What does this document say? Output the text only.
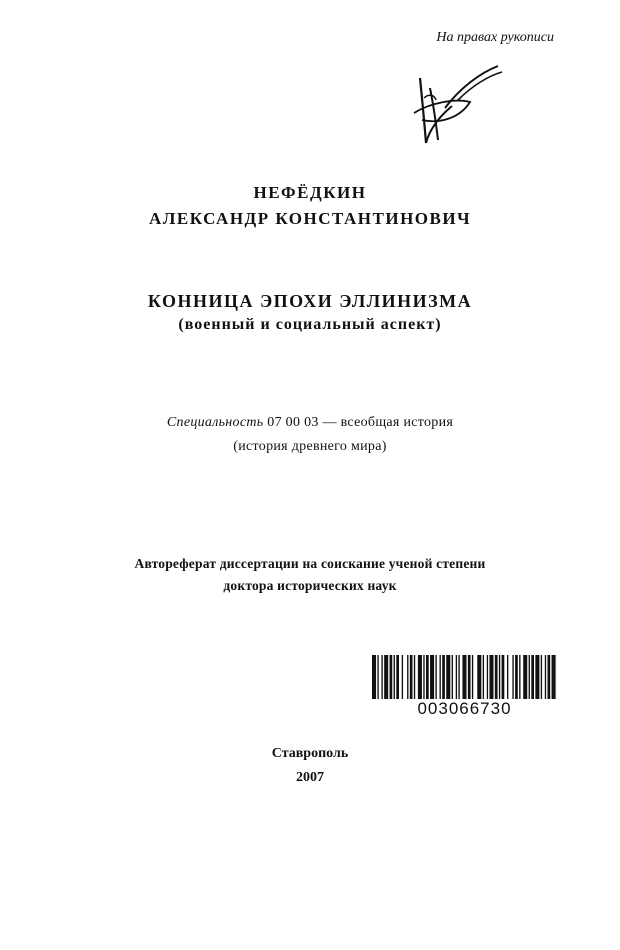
На правах рукописи
НЕФЁДКИН
АЛЕКСАНДР КОНСТАНТИНОВИЧ
КОННИЦА ЭПОХИ ЭЛЛИНИЗМА
(военный и социальный аспект)
Специальность 07 00 03 — всеобщая история
(история древнего мира)
Автореферат диссертации на соискание ученой степени
доктора исторических наук
003066730
Ставрополь
2007
